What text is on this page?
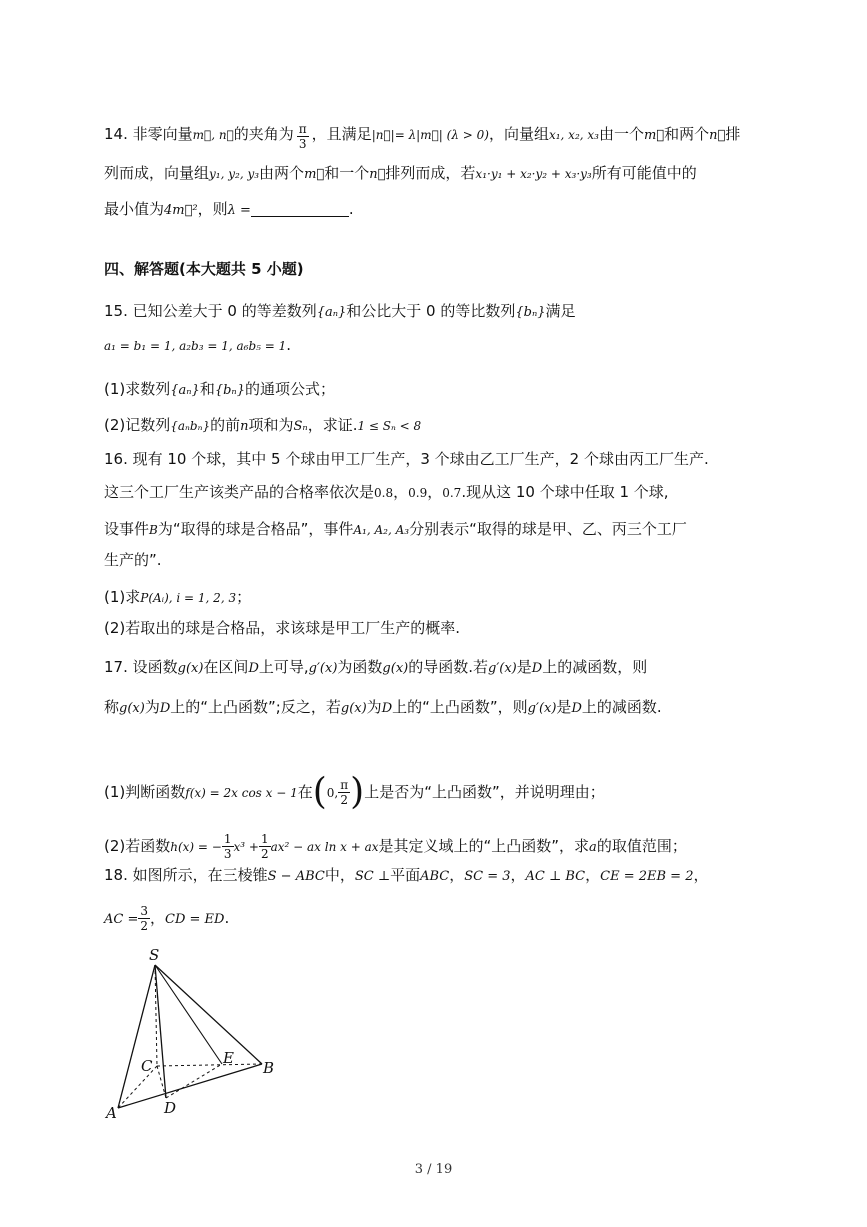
14. 非零向量m⃗, n⃗的夹角为 $\frac{\pi}{3}$ ，且满足|n⃗|= λ|m⃗| (λ > 0)，向量组x₁, x₂, x₃由一个m⃗和两个n⃗排
列而成，向量组y₁, y₂, y₃由两个m⃗和一个n⃗排列而成，若x₁·y₁ + x₂·y₂ + x₃·y₃所有可能值中的
最小值为4m⃗²，则λ =	.
四、解答题(本大题共 5 小题)
15. 已知公差大于 0 的等差数列{aₙ}和公比大于 0 的等比数列{bₙ}满足
a₁ = b₁ = 1, a₂b₃ = 1, a₆b₅ = 1.
(1)求数列{aₙ}和{bₙ}的通项公式；
(2)记数列{aₙbₙ}的前n项和为Sₙ，求证.1 ≤ Sₙ < 8
16. 现有 10 个球，其中 5 个球由甲工厂生产，3 个球由乙工厂生产，2 个球由丙工厂生产.
这三个工厂生产该类产品的合格率依次是0.8，0.9，0.7.现从这 10 个球中任取 1 个球,
设事件B为“取得的球是合格品”，事件A₁, A₂, A₃分别表示“取得的球是甲、乙、丙三个工厂
生产的”.
(1)求P(Aᵢ), i = 1, 2, 3；
(2)若取出的球是合格品，求该球是甲工厂生产的概率.
17. 设函数g(x)在区间D上可导,g′(x)为函数g(x)的导函数.若g′(x)是D上的减函数，则
称g(x)为D上的“上凸函数”;反之，若g(x)为D上的“上凸函数”，则g′(x)是D上的减函数.
(1)判断函数f(x) = 2x cos x − 1在(0, $\frac{\pi}{2}$ )上是否为“上凸函数”，并说明理由；
(2)若函数h(x) = − $\frac{1}{3} x^3 + \frac{1}{2} ax^2$ − ax ln x + ax是其定义域上的“上凸函数”，求a的取值范围；
18. 如图所示，在三棱锥S − ABC中，SC ⊥平面ABC，SC = 3，AC ⊥ BC，CE = 2EB = 2，
AC = $\frac{3}{2}$ ，CD = ED.
S
C	E
B
A	D
3 / 19
